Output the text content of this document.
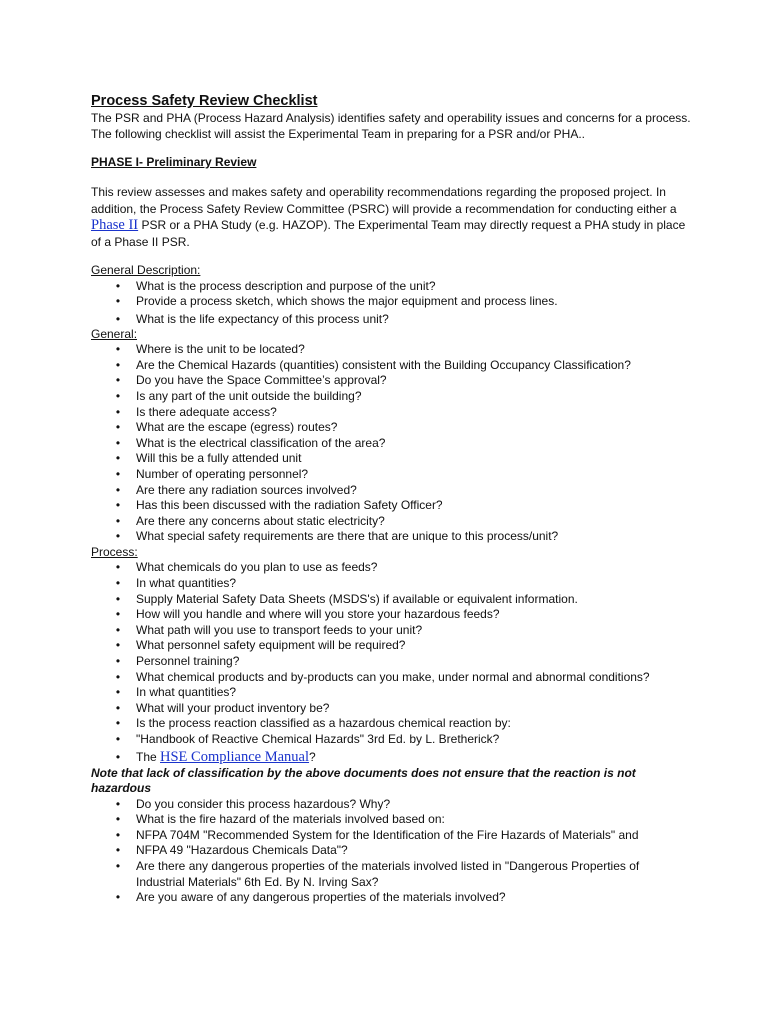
Process Safety Review Checklist
The PSR and PHA (Process Hazard Analysis) identifies safety and operability issues and concerns for a process. The following checklist will assist the Experimental Team in preparing for a PSR and/or PHA..
PHASE I- Preliminary Review
This review assesses and makes safety and operability recommendations regarding the proposed project. In addition, the Process Safety Review Committee (PSRC) will provide a recommendation for conducting either a Phase II PSR or a PHA Study (e.g. HAZOP). The Experimental Team may directly request a PHA study in place of a Phase II PSR.
General Description:
• What is the process description and purpose of the unit?
• Provide a process sketch, which shows the major equipment and process lines.
• What is the life expectancy of this process unit?
General:
• Where is the unit to be located?
• Are the Chemical Hazards (quantities) consistent with the Building Occupancy Classification?
• Do you have the Space Committee’s approval?
• Is any part of the unit outside the building?
• Is there adequate access?
• What are the escape (egress) routes?
• What is the electrical classification of the area?
• Will this be a fully attended unit
• Number of operating personnel?
• Are there any radiation sources involved?
• Has this been discussed with the radiation Safety Officer?
• Are there any concerns about static electricity?
• What special safety requirements are there that are unique to this process/unit?
Process:
• What chemicals do you plan to use as feeds?
• In what quantities?
• Supply Material Safety Data Sheets (MSDS's) if available or equivalent information.
• How will you handle and where will you store your hazardous feeds?
• What path will you use to transport feeds to your unit?
• What personnel safety equipment will be required?
• Personnel training?
• What chemical products and by-products can you make, under normal and abnormal conditions?
• In what quantities?
• What will your product inventory be?
• Is the process reaction classified as a hazardous chemical reaction by:
• "Handbook of Reactive Chemical Hazards" 3rd Ed. by L. Bretherick?
• The HSE Compliance Manual?
Note that lack of classification by the above documents does not ensure that the reaction is not hazardous
• Do you consider this process hazardous? Why?
• What is the fire hazard of the materials involved based on:
• NFPA 704M "Recommended System for the Identification of the Fire Hazards of Materials" and
• NFPA 49 "Hazardous Chemicals Data"?
• Are there any dangerous properties of the materials involved listed in "Dangerous Properties of Industrial Materials" 6th Ed. By N. Irving Sax?
• Are you aware of any dangerous properties of the materials involved?
